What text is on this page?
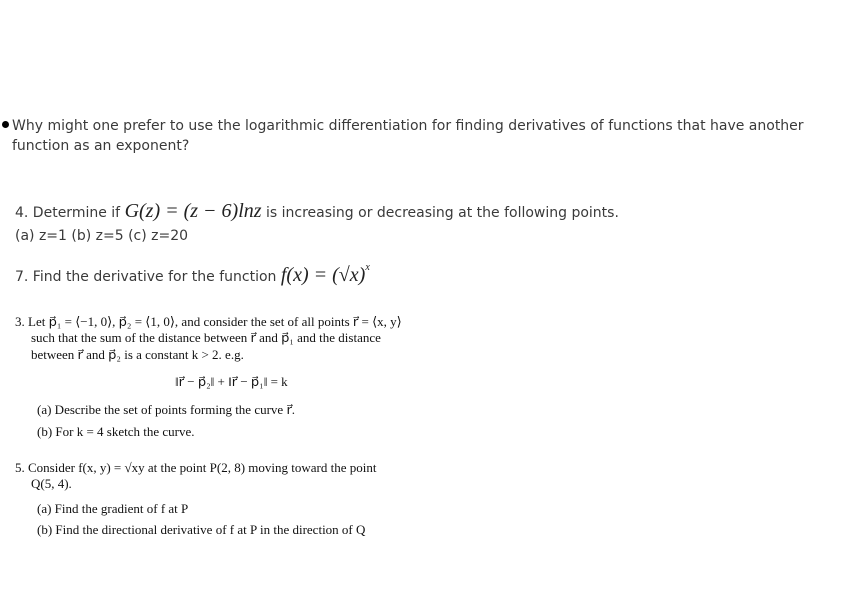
Why might one prefer to use the logarithmic differentiation for finding derivatives of functions that have another function as an exponent?
4. Determine if G(z) = (z − 6)lnz is increasing or decreasing at the following points.
(a) z=1 (b) z=5 (c) z=20
7. Find the derivative for the function $f(x) = (√x)^x$
3. Let p⃗₁ = ⟨−1, 0⟩, p⃗₂ = ⟨1, 0⟩, and consider the set of all points r⃗ = ⟨x, y⟩
such that the sum of the distance between r⃗ and p⃗₁ and the distance
between r⃗ and p⃗₂ is a constant k > 2. e.g.
‖r⃗ − p⃗₂‖ + ‖r⃗ − p⃗₁‖ = k
(a) Describe the set of points forming the curve r⃗.
(b) For k = 4 sketch the curve.
5. Consider f(x, y) = √xy at the point P(2, 8) moving toward the point
Q(5, 4).
(a) Find the gradient of f at P
(b) Find the directional derivative of f at P in the direction of Q
